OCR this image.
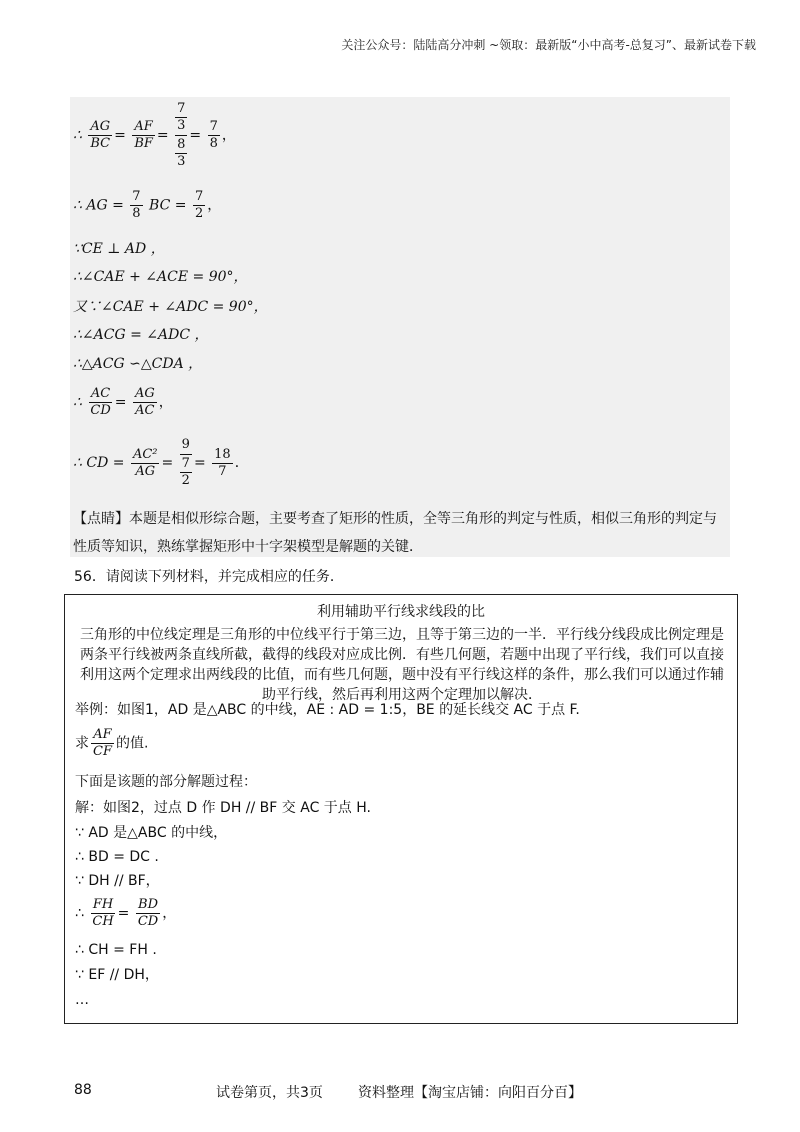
关注公众号：陆陆高分冲刺 ~领取：最新版“小中高考-总复习”、最新试卷下载
∴ $\frac{AG}{BC} = \frac{AF}{BF} = 7$
3
8
$3 = \frac{7}{8}$ ，
∴ AG = $\frac{7}{8}$ BC = $\frac{7}{2}$ ，
∵CE ⊥ AD ，
∴∠CAE + ∠ACE = 90°，
又∵∠CAE + ∠ADC = 90°，
∴∠ACG = ∠ADC ，
∴△ACG ∽△CDA ，
∴ $\frac{AC}{CD} = \frac{AG}{AC}$ ，
∴ CD = $\frac{\text{AC²}}{AG} = 9$
7
$2 = \frac{18}{7}$ ．
【点睛】本题是相似形综合题，主要考查了矩形的性质，全等三角形的判定与性质，相似三角形的判定与
性质等知识，熟练掌握矩形中十字架模型是解题的关键．
56．请阅读下列材料，并完成相应的任务．
利用辅助平行线求线段的比
三角形的中位线定理是三角形的中位线平行于第三边，且等于第三边的一半．平行线分线段成比例定理是两条平行线被两条直线所截，截得的线段对应成比例．有些几何题，若题中出现了平行线，我们可以直接利用这两个定理求出两线段的比值，而有些几何题，题中没有平行线这样的条件，那么我们可以通过作辅助平行线，然后再利用这两个定理加以解决．
举例：如图1，AD 是△ABC 的中线，AE : AD = 1:5，BE 的延长线交 AC 于点 F.
求 $\frac{AF}{CF}$ 的值.
下面是该题的部分解题过程：
解：如图2，过点 D 作 DH // BF 交 AC 于点 H.
∵ AD 是△ABC 的中线，
∴ BD = DC .
∵ DH // BF，
∴ $\frac{FH}{CH} = \frac{BD}{CD}$ ，
∴ CH = FH .
∵ EF // DH，
…
88	试卷第页，共3页	资料整理【淘宝店铺：向阳百分百】
